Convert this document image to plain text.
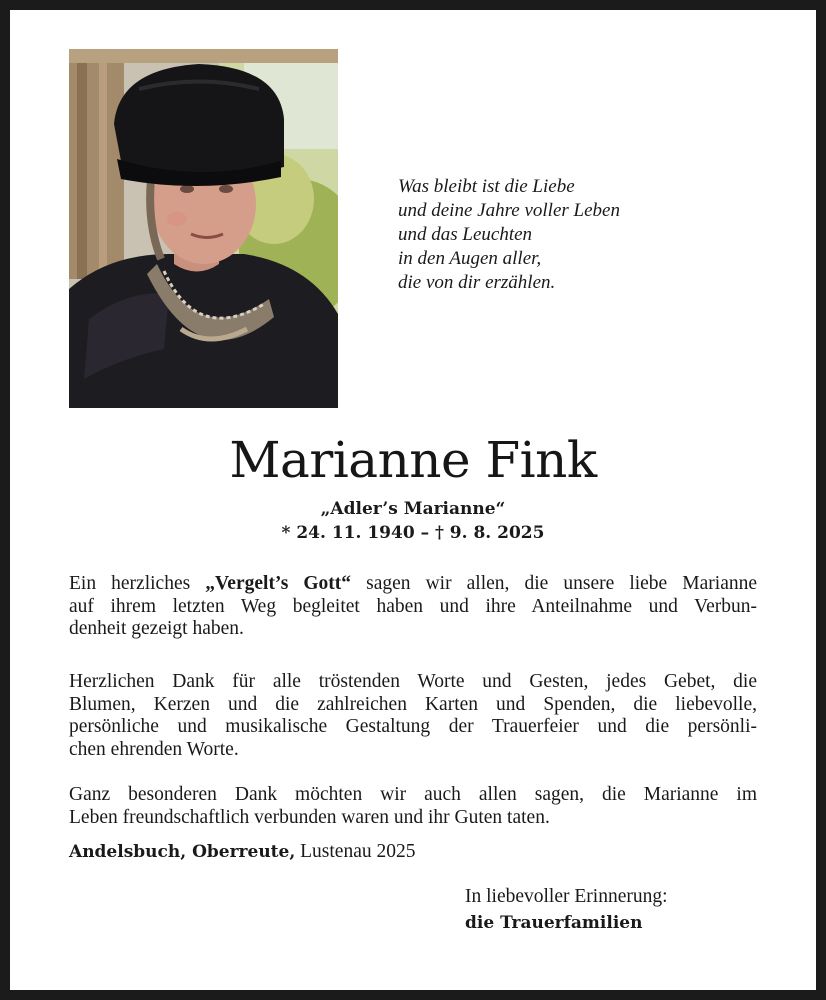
Was bleibt ist die Liebe
und deine Jahre voller Leben
und das Leuchten
in den Augen aller,
die von dir erzählen.
Marianne Fink
„Adler’s Marianne“
* 24. 11. 1940 – † 9. 8. 2025
Ein herzliches „Vergelt’s Gott“ sagen wir allen, die unsere liebe Marianne
auf ihrem letzten Weg begleitet haben und ihre Anteilnahme und Verbun-
denheit gezeigt haben.
Herzlichen Dank für alle tröstenden Worte und Gesten, jedes Gebet, die
Blumen, Kerzen und die zahlreichen Karten und Spenden, die liebevolle,
persönliche und musikalische Gestaltung der Trauerfeier und die persönli-
chen ehrenden Worte.
Ganz besonderen Dank möchten wir auch allen sagen, die Marianne im
Leben freundschaftlich verbunden waren und ihr Guten taten.
Andelsbuch, Oberreute, Lustenau 2025
In liebevoller Erinnerung:
die Trauerfamilien
